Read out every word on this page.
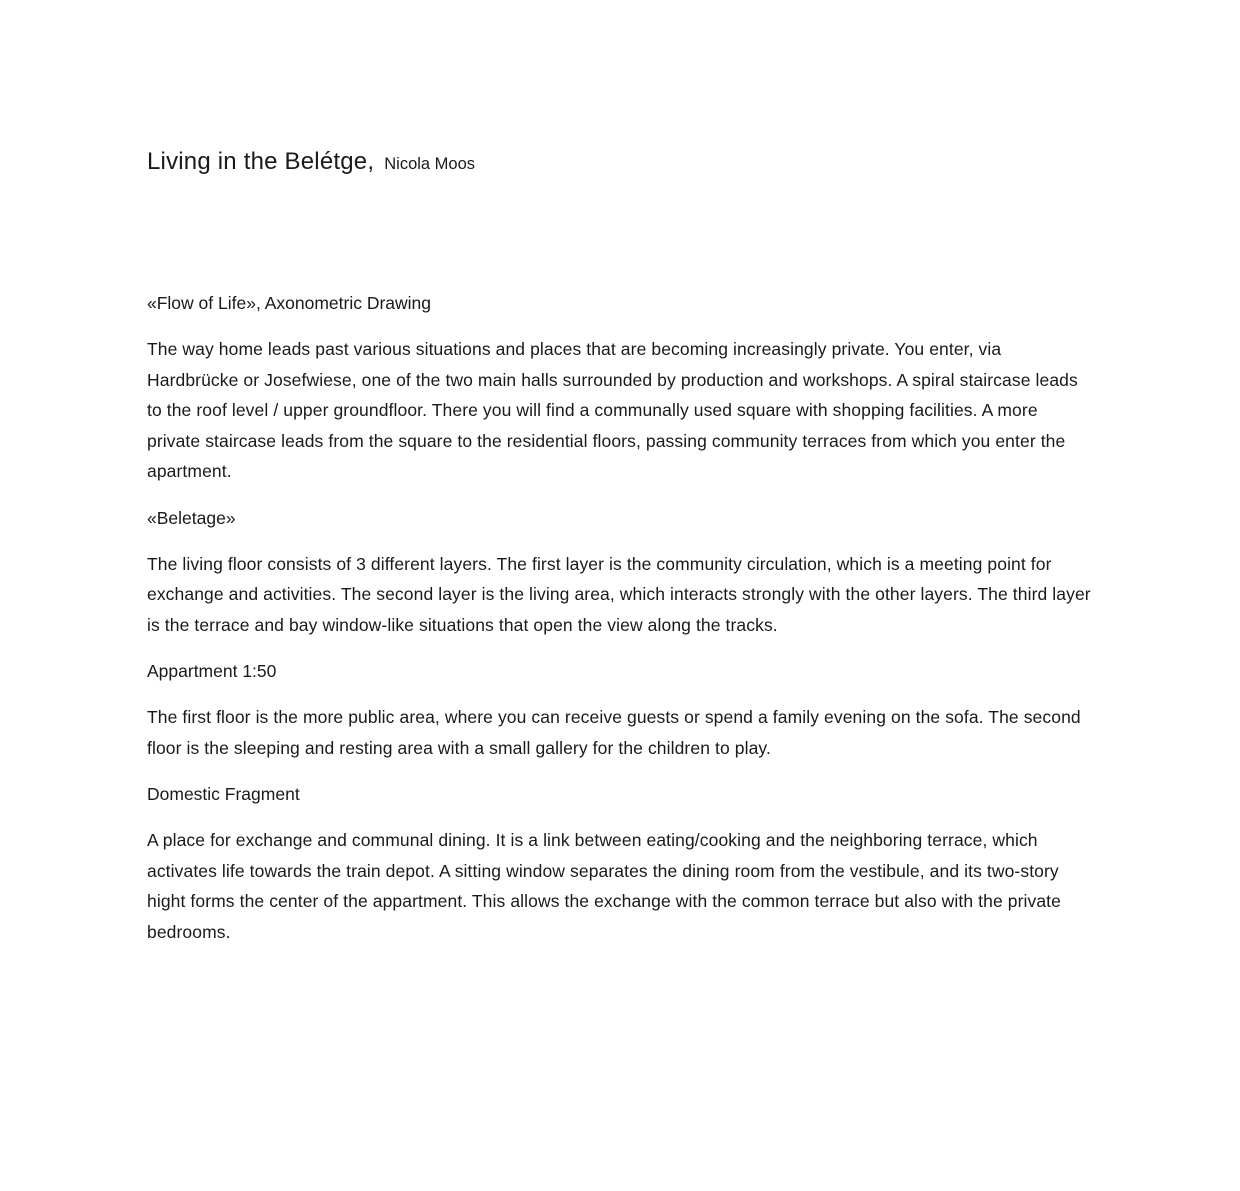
Living in the Belétge, Nicola Moos

«Flow of Life», Axonometric Drawing

The way home leads past various situations and places that are becoming increasingly private. You enter, via Hardbrücke or Josefwiese, one of the two main halls surrounded by production and workshops. A spiral staircase leads to the roof level / upper groundfloor. There you will find a communally used square with shopping facilities. A more private staircase leads from the square to the residential floors, passing community terraces from which you enter the apartment.

«Beletage»

The living floor consists of 3 different layers. The first layer is the community circulation, which is a meeting point for exchange and activities. The second layer is the living area, which interacts strongly with the other layers. The third layer is the terrace and bay window-like situations that open the view along the tracks.

Appartment 1:50

The first floor is the more public area, where you can receive guests or spend a family evening on the sofa. The second floor is the sleeping and resting area with a small gallery for the children to play.

Domestic Fragment

A place for exchange and communal dining. It is a link between eating/cooking and the neighboring terrace, which activates life towards the train depot. A sitting window separates the dining room from the vestibule, and its two-story hight forms the center of the appartment. This allows the exchange with the common terrace but also with the private bedrooms.
